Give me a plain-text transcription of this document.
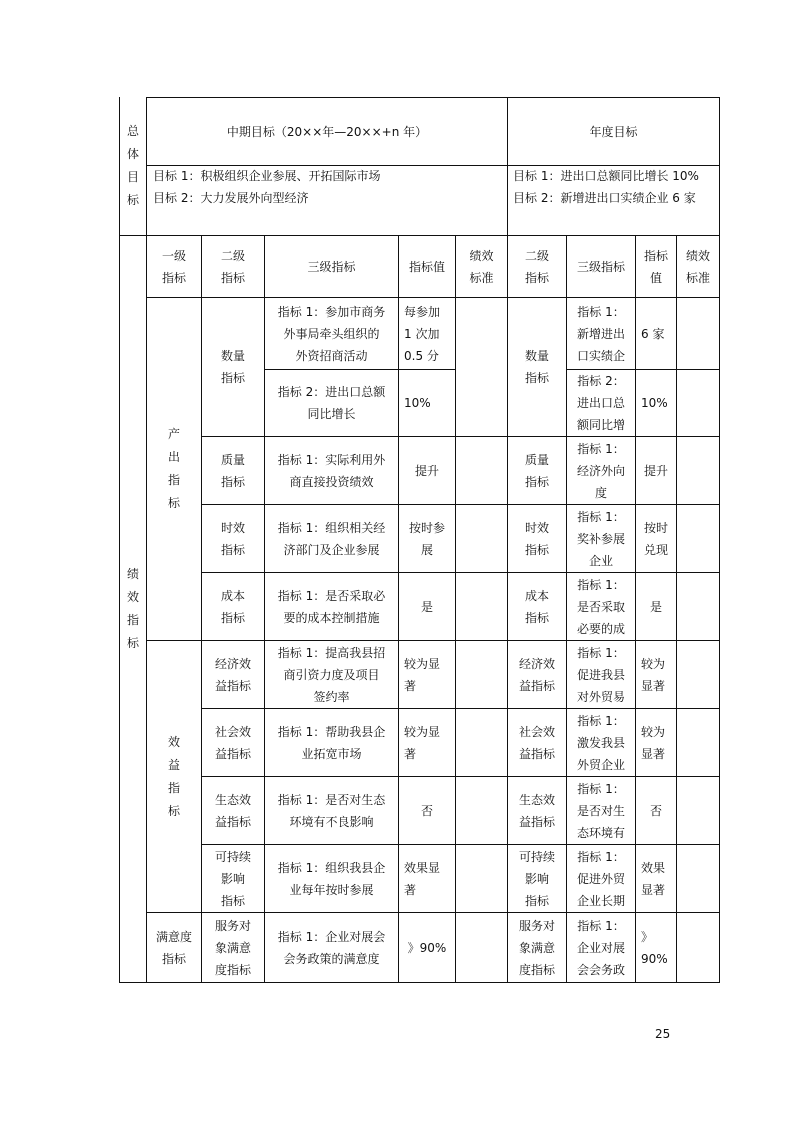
总
体
目
标
中期目标（20××年—20××+n 年）	年度目标
目标 1：积极组织企业参展、开拓国际市场
目标 2：大力发展外向型经济
目标 1：进出口总额同比增长 10%
目标 2：新增进出口实绩企业 6 家
绩
效
指
标
一级
指标
二级
指标
三级指标	指标值
绩效
标准
二级
指标
三级指标
指标
值
绩效
标准
产
出
指
标
效
益
指
标
满意度
指标
数量
指标
指标 1：参加市商务
外事局牵头组织的
外资招商活动
每参加
1 次加
0.5 分
指标 2：进出口总额
同比增长
10%
数量
指标
指标 1：
新增进出
口实绩企
6 家
指标 2：
进出口总
额同比增
10%
质量
指标
指标 1：实际利用外
商直接投资绩效
提升
质量
指标
指标 1：
经济外向
度
提升
时效
指标
指标 1：组织相关经
济部门及企业参展
按时参
展
时效
指标
指标 1：
奖补参展
企业
按时
兑现
成本
指标
指标 1：是否采取必
要的成本控制措施
是
成本
指标
指标 1：
是否采取
必要的成
是
经济效
益指标
指标 1：提高我县招
商引资力度及项目
签约率
较为显
著
经济效
益指标
指标 1：
促进我县
对外贸易
较为
显著
社会效
益指标
指标 1：帮助我县企
业拓宽市场
较为显
著
社会效
益指标
指标 1：
激发我县
外贸企业
较为
显著
生态效
益指标
指标 1：是否对生态
环境有不良影响
否
生态效
益指标
指标 1：
是否对生
态环境有
否
可持续
影响
指标
指标 1：组织我县企
业每年按时参展
效果显
著
可持续
影响
指标
指标 1：
促进外贸
企业长期
效果
显著
服务对
象满意
度指标
指标 1：企业对展会
会务政策的满意度
》90%
服务对
象满意
度指标
指标 1：
企业对展
会会务政
》
90%
25
